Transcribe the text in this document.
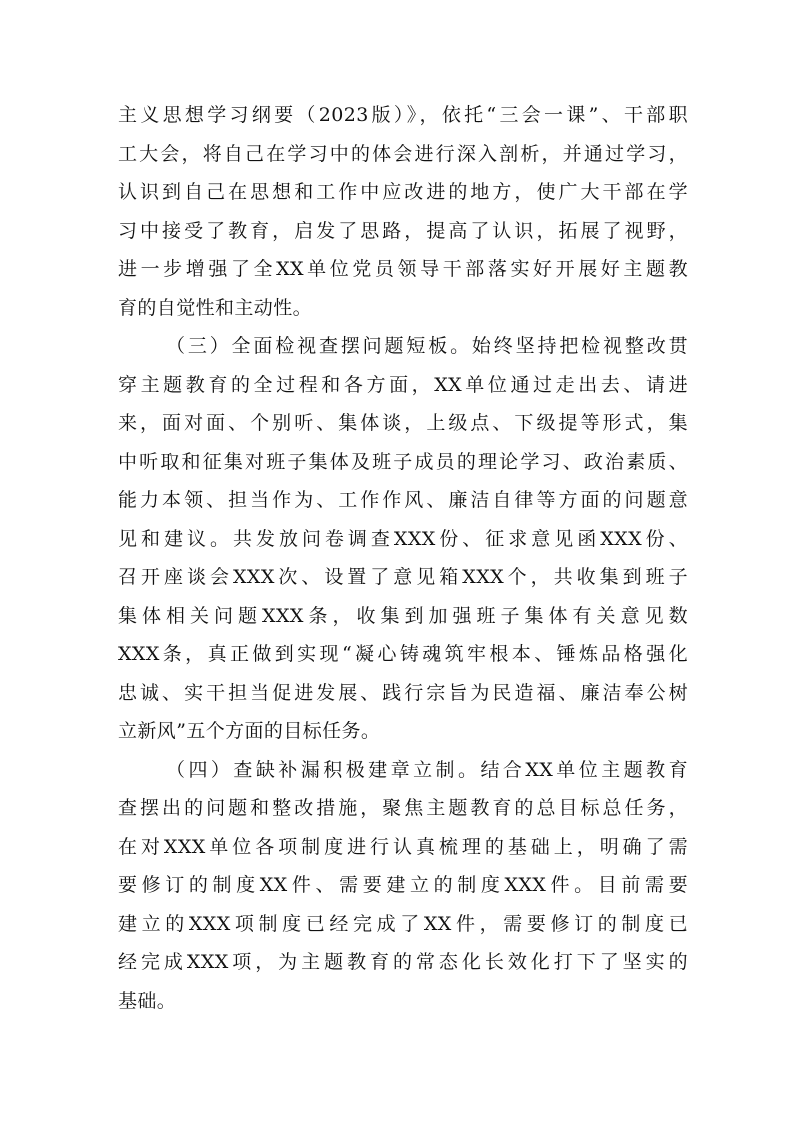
主义思想学习纲要（2023版）》，依托“三会一课”、干部职
工大会，将自己在学习中的体会进行深入剖析，并通过学习，
认识到自己在思想和工作中应改进的地方，使广大干部在学
习中接受了教育，启发了思路，提高了认识，拓展了视野，
进一步增强了全XX单位党员领导干部落实好开展好主题教
育的自觉性和主动性。
（三）全面检视查摆问题短板。始终坚持把检视整改贯
穿主题教育的全过程和各方面，XX单位通过走出去、请进
来，面对面、个别听、集体谈，上级点、下级提等形式，集
中听取和征集对班子集体及班子成员的理论学习、政治素质、
能力本领、担当作为、工作作风、廉洁自律等方面的问题意
见和建议。共发放问卷调查XXX份、征求意见函XXX份、
召开座谈会XXX次、设置了意见箱XXX个，共收集到班子
集体相关问题XXX条，收集到加强班子集体有关意见数
XXX条，真正做到实现“凝心铸魂筑牢根本、锤炼品格强化
忠诚、实干担当促进发展、践行宗旨为民造福、廉洁奉公树
立新风”五个方面的目标任务。
（四）查缺补漏积极建章立制。结合XX单位主题教育
查摆出的问题和整改措施，聚焦主题教育的总目标总任务，
在对XXX单位各项制度进行认真梳理的基础上，明确了需
要修订的制度XX件、需要建立的制度XXX件。目前需要
建立的XXX项制度已经完成了XX件，需要修订的制度已
经完成XXX项，为主题教育的常态化长效化打下了坚实的
基础。
